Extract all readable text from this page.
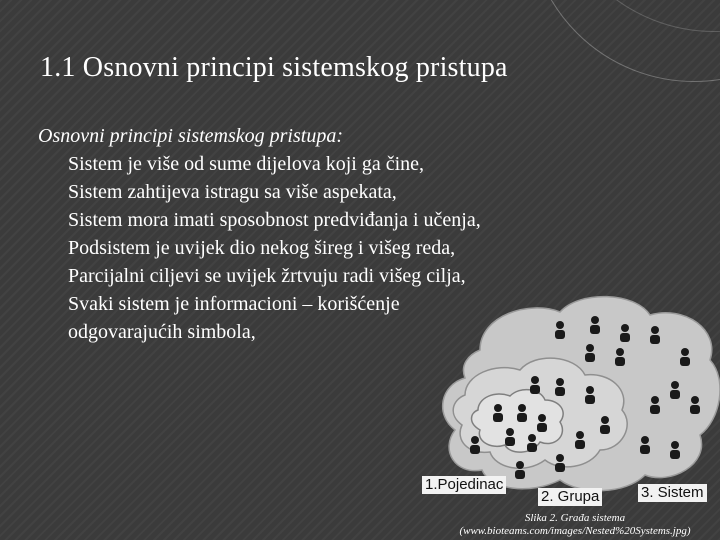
1.1 Osnovni principi sistemskog pristupa
Osnovni principi sistemskog pristupa:
Sistem je više od sume dijelova koji ga čine,
Sistem zahtijeva istragu sa više aspekata,
Sistem mora imati sposobnost predviđanja i učenja,
Podsistem je uvijek dio nekog šireg i višeg reda,
Parcijalni ciljevi se uvijek žrtvuju radi višeg cilja,
Svaki sistem je informacioni – korišćenje odgovarajućih simbola,
1.Pojedinac
2. Grupa	3. Sistem
Slika 2. Građa sistema
(www.bioteams.com/images/Nested%20Systems.jpg)
